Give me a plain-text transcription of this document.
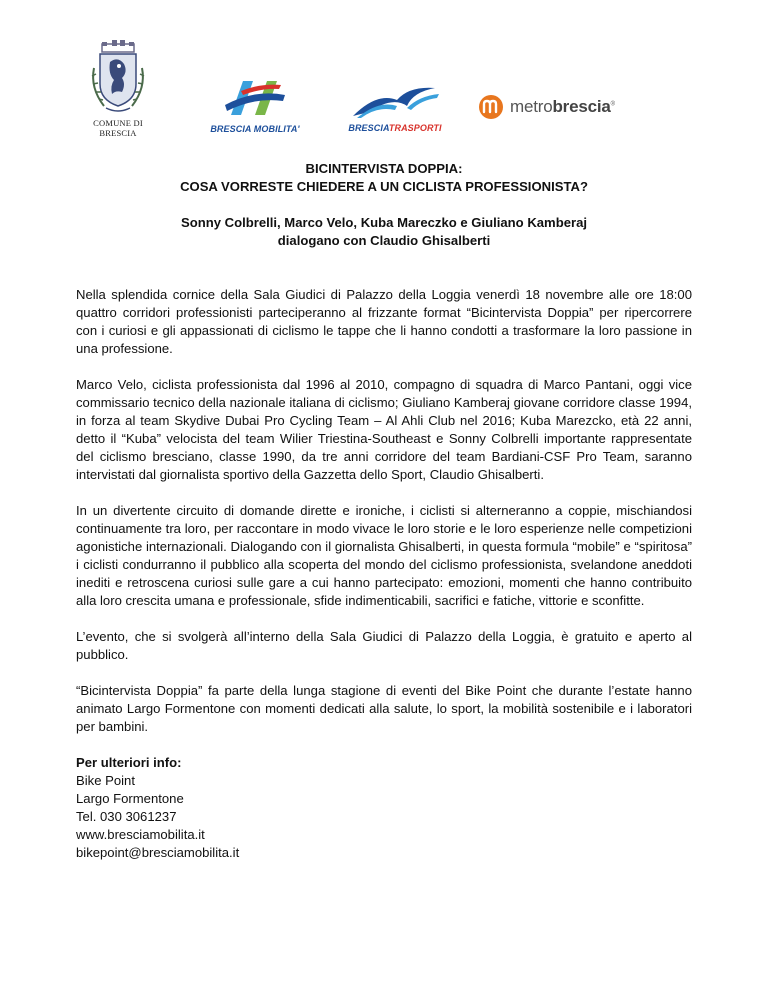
COMUNE DI BRESCIA	BRESCIA MOBILITA'	BRESCIATRASPORTI
metrobrescia®
BICINTERVISTA DOPPIA:
COSA VORRESTE CHIEDERE A UN CICLISTA PROFESSIONISTA?
Sonny Colbrelli, Marco Velo, Kuba Mareczko e Giuliano Kamberaj
dialogano con Claudio Ghisalberti

Nella splendida cornice della Sala Giudici di Palazzo della Loggia venerdì 18 novembre alle ore 18:00 quattro corridori professionisti parteciperanno al frizzante format “Bicintervista Doppia” per ripercorrere con i curiosi e gli appassionati di ciclismo le tappe che li hanno condotti a trasformare la loro passione in una professione.

Marco Velo, ciclista professionista dal 1996 al 2010, compagno di squadra di Marco Pantani, oggi vice commissario tecnico della nazionale italiana di ciclismo; Giuliano Kamberaj giovane corridore classe 1994, in forza al team Skydive Dubai Pro Cycling Team – Al Ahli Club nel 2016; Kuba Marezcko, età 22 anni, detto il “Kuba” velocista del team Wilier Triestina-Southeast e Sonny Colbrelli importante rappresentate del ciclismo bresciano, classe 1990, da tre anni corridore del team Bardiani-CSF Pro Team, saranno intervistati dal giornalista sportivo della Gazzetta dello Sport, Claudio Ghisalberti.

In un divertente circuito di domande dirette e ironiche, i ciclisti si alterneranno a coppie, mischiandosi continuamente tra loro, per raccontare in modo vivace le loro storie e le loro esperienze nelle competizioni agonistiche internazionali. Dialogando con il giornalista Ghisalberti, in questa formula “mobile” e “spiritosa” i ciclisti condurranno il pubblico alla scoperta del mondo del ciclismo professionista, svelandone aneddoti inediti e retroscena curiosi sulle gare a cui hanno partecipato: emozioni, momenti che hanno contribuito alla loro crescita umana e professionale, sfide indimenticabili, sacrifici e fatiche, vittorie e sconfitte.

L’evento, che si svolgerà all’interno della Sala Giudici di Palazzo della Loggia, è gratuito e aperto al pubblico.

“Bicintervista Doppia” fa parte della lunga stagione di eventi del Bike Point che durante l’estate hanno animato Largo Formentone con momenti dedicati alla salute, lo sport, la mobilità sostenibile e i laboratori per bambini.

Per ulteriori info:
Bike Point
Largo Formentone
Tel. 030 3061237
www.bresciamobilita.it
bikepoint@bresciamobilita.it
